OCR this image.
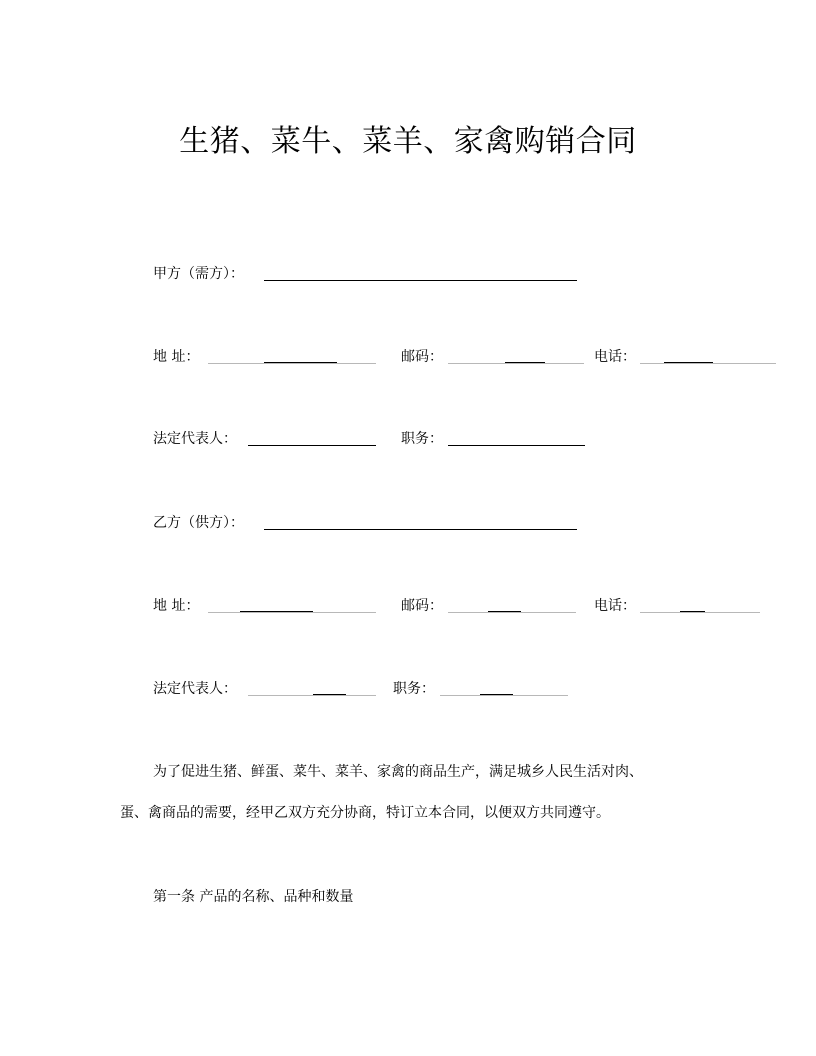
生猪、菜牛、菜羊、家禽购销合同
甲方（需方）：
地 址：	邮码：	电话：
法定代表人：	职务：
乙方（供方）：
地 址：	邮码：	电话：
法定代表人：	职务：
为了促进生猪、鲜蛋、菜牛、菜羊、家禽的商品生产，满足城乡人民生活对肉、
蛋、禽商品的需要，经甲乙双方充分协商，特订立本合同，以便双方共同遵守。
第一条 产品的名称、品种和数量
